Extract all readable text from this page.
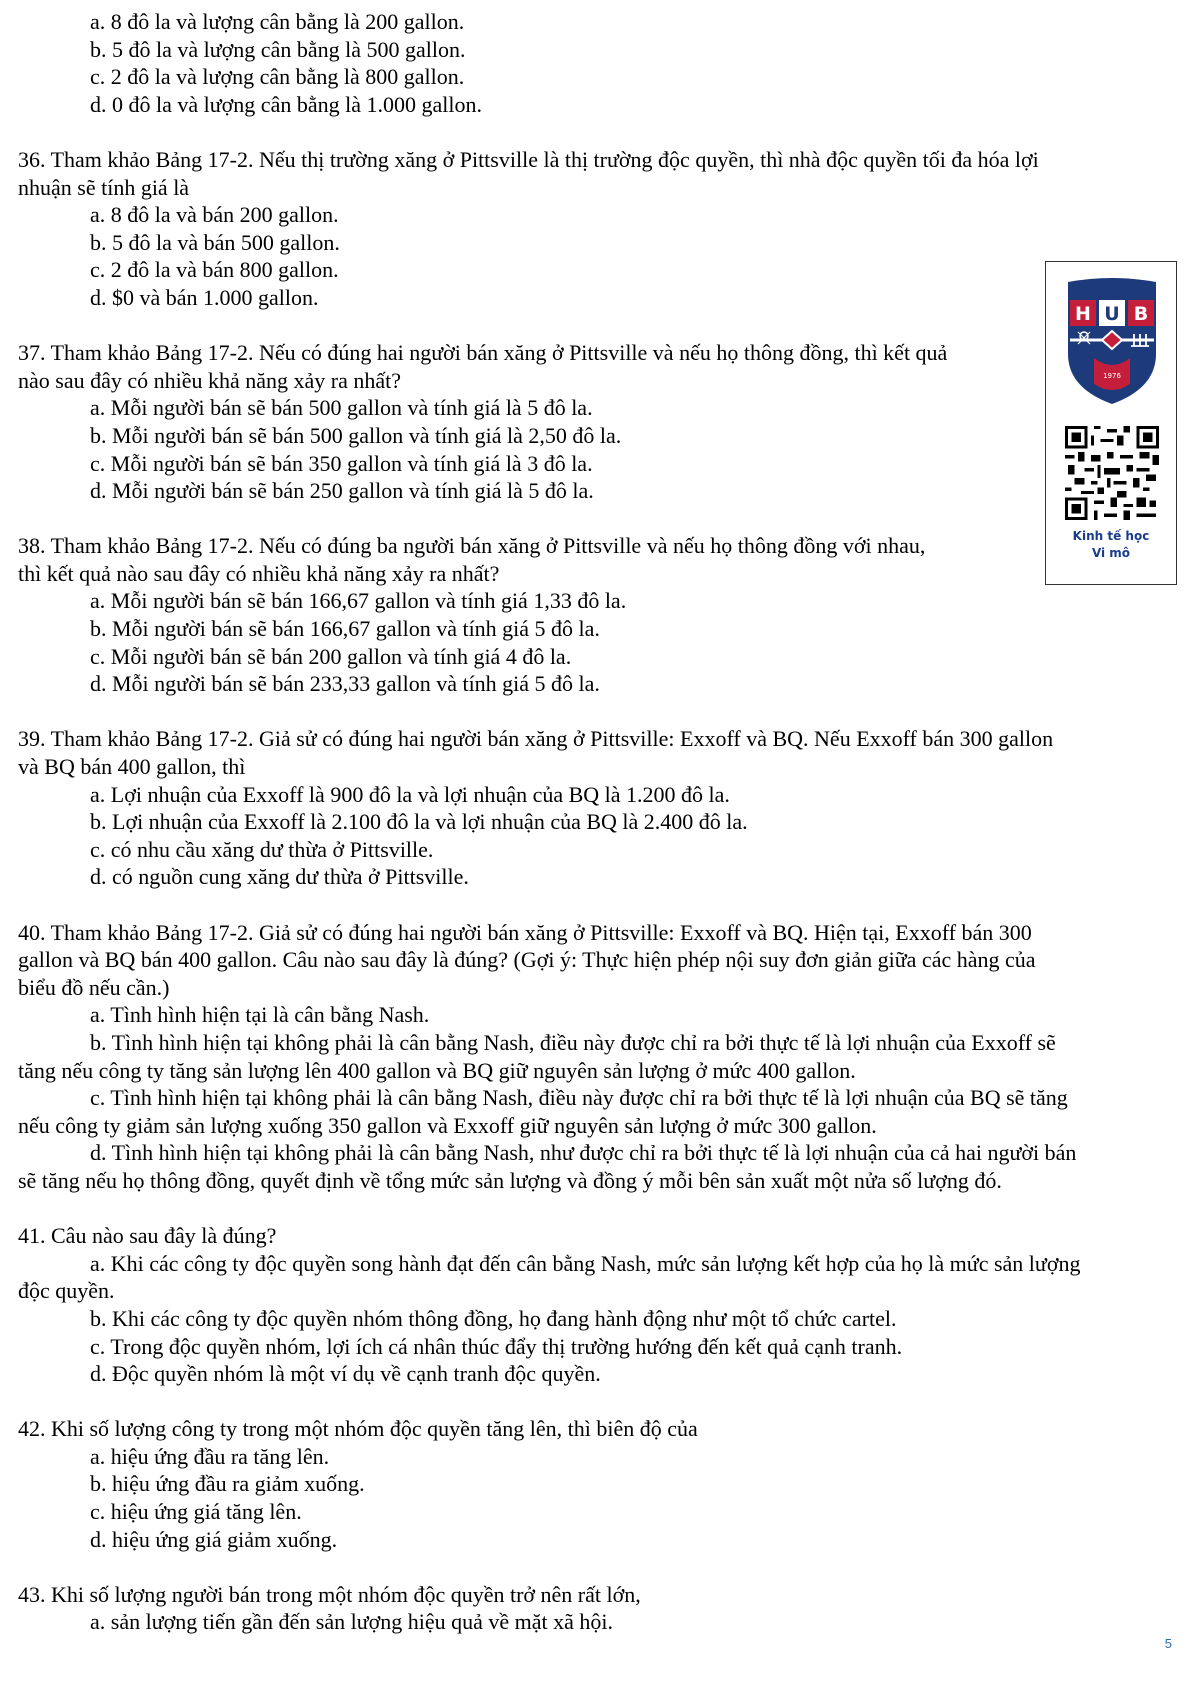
a. 8 đô la và lượng cân bằng là 200 gallon.

b. 5 đô la và lượng cân bằng là 500 gallon.

c. 2 đô la và lượng cân bằng là 800 gallon.

d. 0 đô la và lượng cân bằng là 1.000 gallon.

36. Tham khảo Bảng 17-2. Nếu thị trường xăng ở Pittsville là thị trường độc quyền, thì nhà độc quyền tối đa hóa lợi

nhuận sẽ tính giá là

a. 8 đô la và bán 200 gallon.

b. 5 đô la và bán 500 gallon.

c. 2 đô la và bán 800 gallon.

d. $0 và bán 1.000 gallon.

37. Tham khảo Bảng 17-2. Nếu có đúng hai người bán xăng ở Pittsville và nếu họ thông đồng, thì kết quả

nào sau đây có nhiều khả năng xảy ra nhất?

a. Mỗi người bán sẽ bán 500 gallon và tính giá là 5 đô la.

b. Mỗi người bán sẽ bán 500 gallon và tính giá là 2,50 đô la.

c. Mỗi người bán sẽ bán 350 gallon và tính giá là 3 đô la.

d. Mỗi người bán sẽ bán 250 gallon và tính giá là 5 đô la.

38. Tham khảo Bảng 17-2. Nếu có đúng ba người bán xăng ở Pittsville và nếu họ thông đồng với nhau,

thì kết quả nào sau đây có nhiều khả năng xảy ra nhất?

a. Mỗi người bán sẽ bán 166,67 gallon và tính giá 1,33 đô la.

b. Mỗi người bán sẽ bán 166,67 gallon và tính giá 5 đô la.

c. Mỗi người bán sẽ bán 200 gallon và tính giá 4 đô la.

d. Mỗi người bán sẽ bán 233,33 gallon và tính giá 5 đô la.

39. Tham khảo Bảng 17-2. Giả sử có đúng hai người bán xăng ở Pittsville: Exxoff và BQ. Nếu Exxoff bán 300 gallon

và BQ bán 400 gallon, thì

a. Lợi nhuận của Exxoff là 900 đô la và lợi nhuận của BQ là 1.200 đô la.

b. Lợi nhuận của Exxoff là 2.100 đô la và lợi nhuận của BQ là 2.400 đô la.

c. có nhu cầu xăng dư thừa ở Pittsville.

d. có nguồn cung xăng dư thừa ở Pittsville.

40. Tham khảo Bảng 17-2. Giả sử có đúng hai người bán xăng ở Pittsville: Exxoff và BQ. Hiện tại, Exxoff bán 300

gallon và BQ bán 400 gallon. Câu nào sau đây là đúng? (Gợi ý: Thực hiện phép nội suy đơn giản giữa các hàng của

biểu đồ nếu cần.)

a. Tình hình hiện tại là cân bằng Nash.

b. Tình hình hiện tại không phải là cân bằng Nash, điều này được chỉ ra bởi thực tế là lợi nhuận của Exxoff sẽ

tăng nếu công ty tăng sản lượng lên 400 gallon và BQ giữ nguyên sản lượng ở mức 400 gallon.

c. Tình hình hiện tại không phải là cân bằng Nash, điều này được chỉ ra bởi thực tế là lợi nhuận của BQ sẽ tăng

nếu công ty giảm sản lượng xuống 350 gallon và Exxoff giữ nguyên sản lượng ở mức 300 gallon.

d. Tình hình hiện tại không phải là cân bằng Nash, như được chỉ ra bởi thực tế là lợi nhuận của cả hai người bán

sẽ tăng nếu họ thông đồng, quyết định về tổng mức sản lượng và đồng ý mỗi bên sản xuất một nửa số lượng đó.

41. Câu nào sau đây là đúng?

a. Khi các công ty độc quyền song hành đạt đến cân bằng Nash, mức sản lượng kết hợp của họ là mức sản lượng

độc quyền.

b. Khi các công ty độc quyền nhóm thông đồng, họ đang hành động như một tổ chức cartel.

c. Trong độc quyền nhóm, lợi ích cá nhân thúc đẩy thị trường hướng đến kết quả cạnh tranh.

d. Độc quyền nhóm là một ví dụ về cạnh tranh độc quyền.

42. Khi số lượng công ty trong một nhóm độc quyền tăng lên, thì biên độ của

a. hiệu ứng đầu ra tăng lên.

b. hiệu ứng đầu ra giảm xuống.

c. hiệu ứng giá tăng lên.

d. hiệu ứng giá giảm xuống.

43. Khi số lượng người bán trong một nhóm độc quyền trở nên rất lớn,

a. sản lượng tiến gần đến sản lượng hiệu quả về mặt xã hội.

H U B
1976
Kinh tế học
Vi mô
5
